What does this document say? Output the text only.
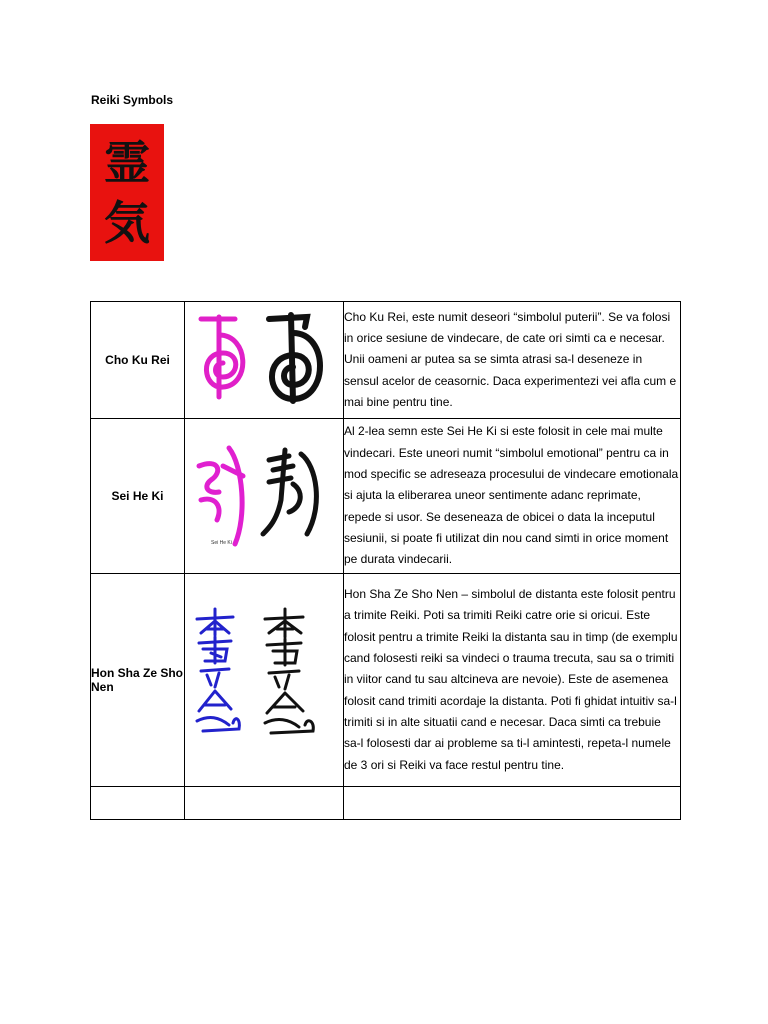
Reiki Symbols
霊
気
Cho Ku Rei		Cho Ku Rei, este numit deseori “simbolul puterii”. Se va folosi in orice sesiune de vindecare, de cate ori simti ca e necesar. Unii oameni ar putea sa se simta atrasi sa-l deseneze in sensul acelor de ceasornic. Daca experimentezi vei afla cum e mai bine pentru tine.

Sei He Ki	Sei He Ki	Al 2-lea semn este Sei He Ki si este folosit in cele mai multe vindecari. Este uneori numit “simbolul emotional” pentru ca in mod specific se adreseaza procesului de vindecare emotionala si ajuta la eliberarea uneor sentimente adanc reprimate, repede si usor. Se deseneaza de obicei o data la inceputul sesiunii, si poate fi utilizat din nou cand simti in orice moment pe durata vindecarii.

Hon Sha Ze Sho Nen		Hon Sha Ze Sho Nen – simbolul de distanta este folosit pentru a trimite Reiki. Poti sa trimiti Reiki catre orie si oricui. Este folosit pentru a trimite Reiki la distanta sau in timp (de exemplu cand folosesti reiki sa vindeci o trauma trecuta, sau sa o trimiti in viitor cand tu sau altcineva are nevoie). Este de asemenea folosit cand trimiti acordaje la distanta. Poti fi ghidat intuitiv sa-l trimiti si in alte situatii cand e necesar. Daca simti ca trebuie sa-l folosesti dar ai probleme sa ti-l amintesti, repeta-l numele de 3 ori si Reiki va face restul pentru tine.
